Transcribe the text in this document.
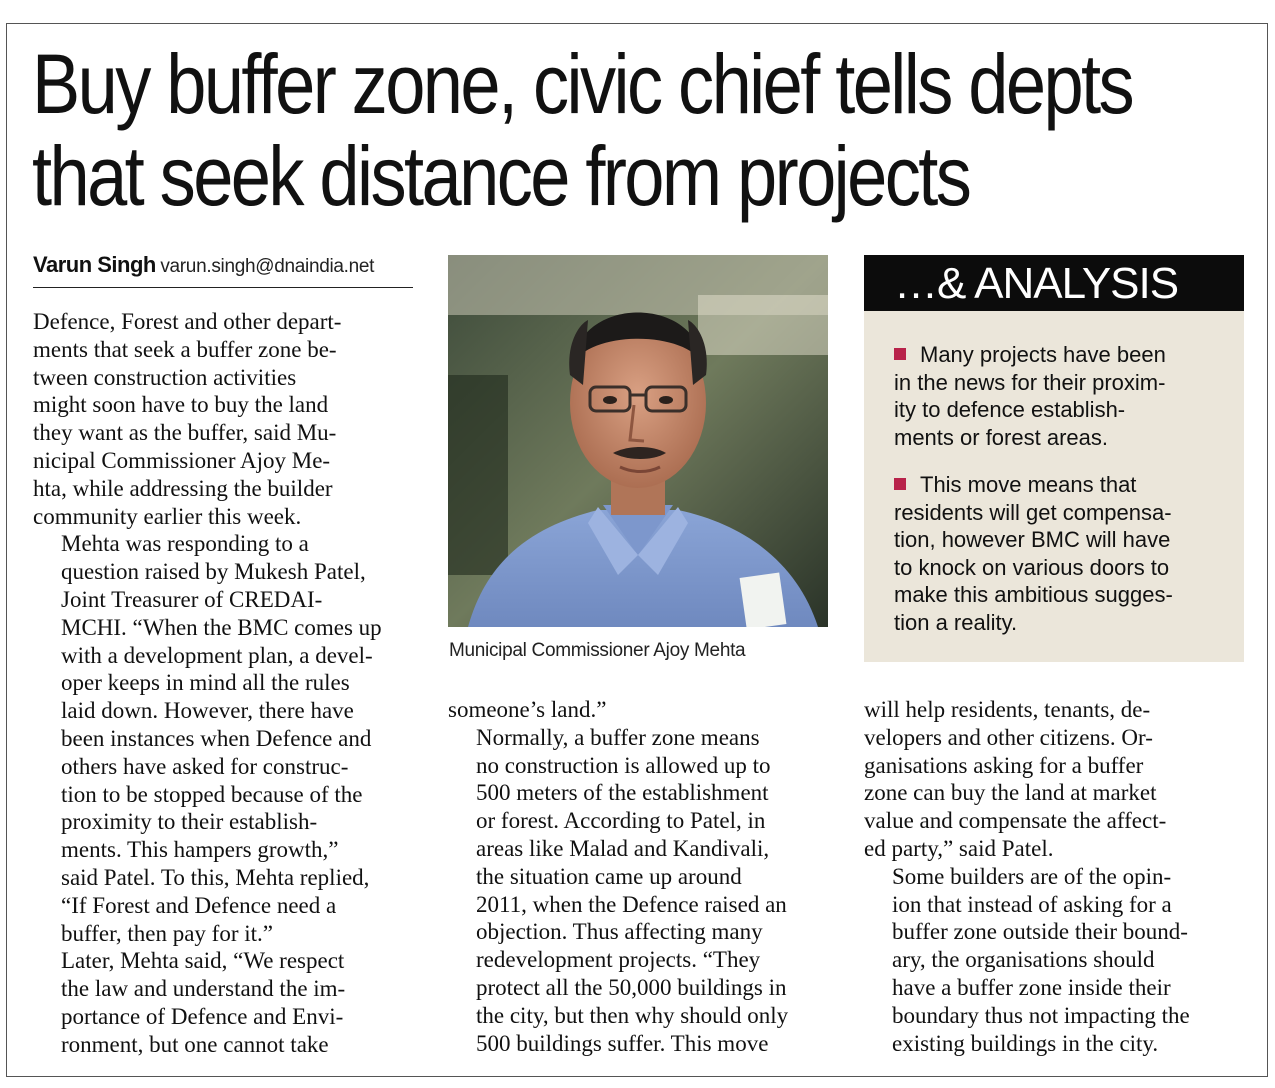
Buy buffer zone, civic chief tells depts
that seek distance from projects
Varun Singh varun.singh@dnaindia.net

Defence, Forest and other depart-
ments that seek a buffer zone be-
tween construction activities
might soon have to buy the land
they want as the buffer, said Mu-
nicipal Commissioner Ajoy Me-
hta, while addressing the builder
community earlier this week.

Mehta was responding to a
question raised by Mukesh Patel,
Joint Treasurer of CREDAI-
MCHI. “When the BMC comes up
with a development plan, a devel-
oper keeps in mind all the rules
laid down. However, there have
been instances when Defence and
others have asked for construc-
tion to be stopped because of the
proximity to their establish-
ments. This hampers growth,”
said Patel. To this, Mehta replied,
“If Forest and Defence need a
buffer, then pay for it.”

Later, Mehta said, “We respect
the law and understand the im-
portance of Defence and Envi-
ronment, but one cannot take

Municipal Commissioner Ajoy Mehta
…& ANALYSIS
Many projects have been

in the news for their proxim-
ity to defence establish-
ments or forest areas.
This move means that

residents will get compensa-
tion, however BMC will have
to knock on various doors to
make this ambitious sugges-
tion a reality.

someone’s land.”

Normally, a buffer zone means
no construction is allowed up to
500 meters of the establishment
or forest. According to Patel, in
areas like Malad and Kandivali,
the situation came up around
2011, when the Defence raised an
objection. Thus affecting many
redevelopment projects. “They
protect all the 50,000 buildings in
the city, but then why should only
500 buildings suffer. This move

will help residents, tenants, de-
velopers and other citizens. Or-
ganisations asking for a buffer
zone can buy the land at market
value and compensate the affect-
ed party,” said Patel.

Some builders are of the opin-
ion that instead of asking for a
buffer zone outside their bound-
ary, the organisations should
have a buffer zone inside their
boundary thus not impacting the
existing buildings in the city.
